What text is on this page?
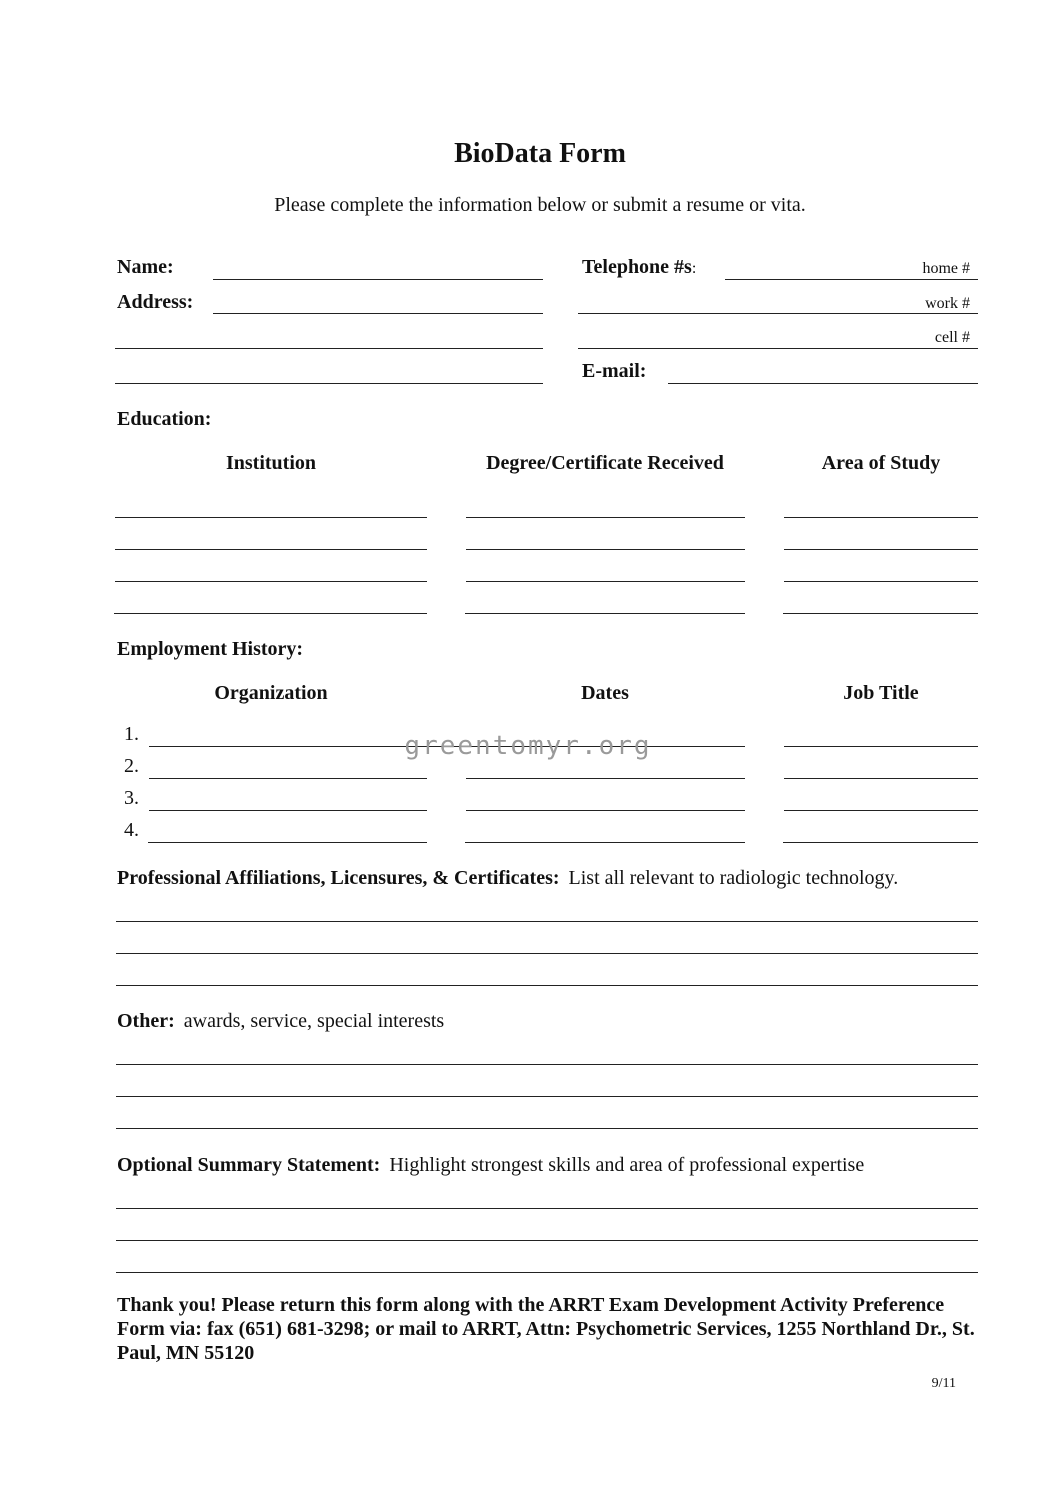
BioData Form
Please complete the information below or submit a resume or vita.
Name:
Address:
Telephone #s:	home #
work #
cell #
E-mail:
Education:
Institution	Degree/Certificate Received	Area of Study
Employment History:
Organization	Dates	Job Title
1.
2.
3.
4.
greentomyr.org
Professional Affiliations, Licensures, & Certificates: List all relevant to radiologic technology.
Other: awards, service, special interests
Optional Summary Statement: Highlight strongest skills and area of professional expertise
Thank you! Please return this form along with the ARRT Exam Development Activity Preference Form via: fax (651) 681-3298; or mail to ARRT, Attn: Psychometric Services, 1255 Northland Dr., St. Paul, MN 55120
9/11
